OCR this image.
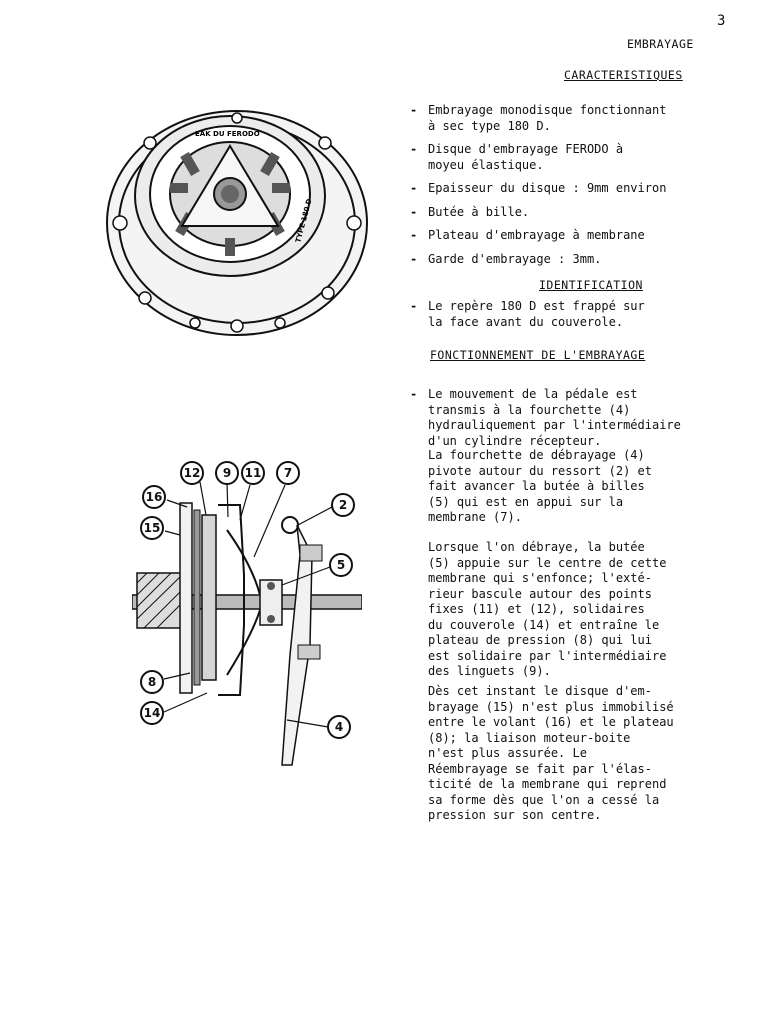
3
EMBRAYAGE
CARACTERISTIQUES
- Embrayage monodisque fonctionnant
à sec type 180 D.
- Disque d'embrayage FERODO à
moyeu élastique.
- Epaisseur du disque : 9mm environ
- Butée à bille.
- Plateau d'embrayage à membrane
- Garde d'embrayage : 3mm.
IDENTIFICATION
- Le repère 180 D est frappé sur
la face avant du couverole.
FONCTIONNEMENT DE L'EMBRAYAGE
- Le mouvement de la pédale est
transmis à la fourchette (4)
hydrauliquement par l'intermédiaire
d'un cylindre récepteur.

La fourchette de débrayage (4)
pivote autour du ressort (2) et
fait avancer la butée à billes
(5) qui est en appui sur la
membrane (7).

Lorsque l'on débraye, la butée
(5) appuie sur le centre de cette
membrane qui s'enfonce; l'exté-
rieur bascule autour des points
fixes (11) et (12), solidaires
du couverole (14) et entraîne le
plateau de pression (8) qui lui
est solidaire par l'intermédiaire
des linguets (9).

Dès cet instant le disque d'em-
brayage (15) n'est plus immobilisé
entre le volant (16) et le plateau
(8); la liaison moteur-boite
n'est plus assurée. Le
Réembrayage se fait par l'élas-
ticité de la membrane qui reprend
sa forme dès que l'on a cessé la
pression sur son centre.

EAK DU FERODO
TYPE 180 D
12 9 11 7
2
16
15
5
8
14
4
